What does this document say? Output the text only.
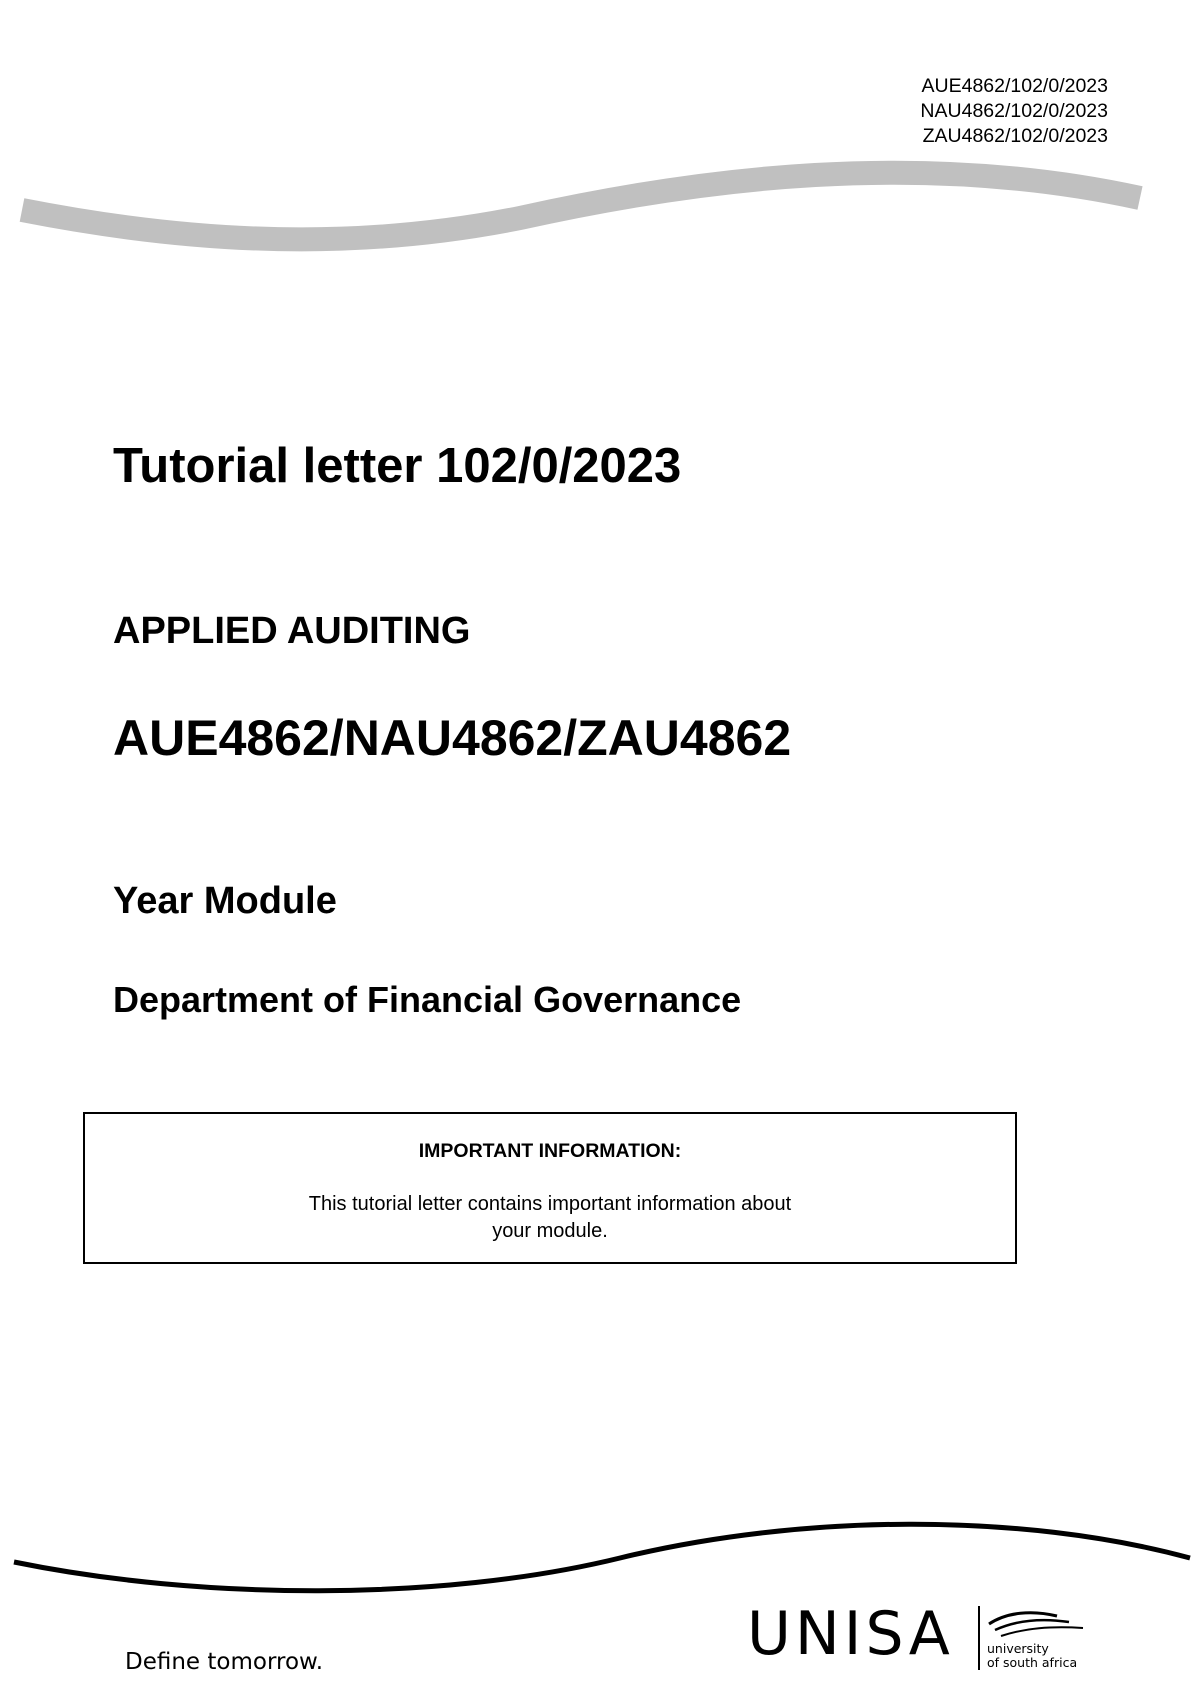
AUE4862/102/0/2023
NAU4862/102/0/2023
ZAU4862/102/0/2023
Tutorial letter 102/0/2023
APPLIED AUDITING
AUE4862/NAU4862/ZAU4862
Year Module
Department of Financial Governance
IMPORTANT INFORMATION:
This tutorial letter contains important information about your module.
Define tomorrow.	UNISA	university
of south africa
